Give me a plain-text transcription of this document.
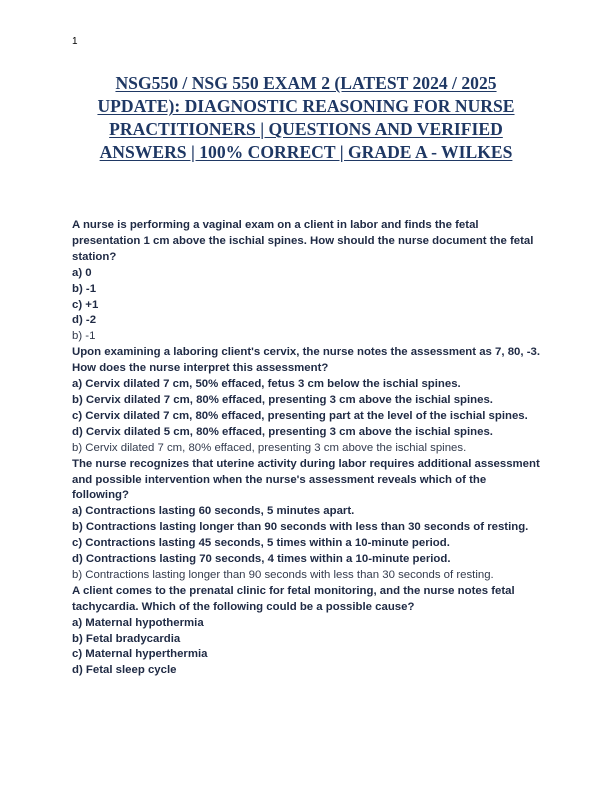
1
NSG550 / NSG 550 EXAM 2 (LATEST 2024 / 2025 UPDATE): DIAGNOSTIC REASONING FOR NURSE PRACTITIONERS | QUESTIONS AND VERIFIED ANSWERS | 100% CORRECT | GRADE A - WILKES

A nurse is performing a vaginal exam on a client in labor and finds the fetal presentation 1 cm above the ischial spines. How should the nurse document the fetal station?

a) 0

b) -1

c) +1

d) -2

b) -1

Upon examining a laboring client's cervix, the nurse notes the assessment as 7, 80, -3. How does the nurse interpret this assessment?

a) Cervix dilated 7 cm, 50% effaced, fetus 3 cm below the ischial spines.

b) Cervix dilated 7 cm, 80% effaced, presenting 3 cm above the ischial spines.

c) Cervix dilated 7 cm, 80% effaced, presenting part at the level of the ischial spines.

d) Cervix dilated 5 cm, 80% effaced, presenting 3 cm above the ischial spines.

b) Cervix dilated 7 cm, 80% effaced, presenting 3 cm above the ischial spines.

The nurse recognizes that uterine activity during labor requires additional assessment and possible intervention when the nurse's assessment reveals which of the following?

a) Contractions lasting 60 seconds, 5 minutes apart.

b) Contractions lasting longer than 90 seconds with less than 30 seconds of resting.

c) Contractions lasting 45 seconds, 5 times within a 10-minute period.

d) Contractions lasting 70 seconds, 4 times within a 10-minute period.

b) Contractions lasting longer than 90 seconds with less than 30 seconds of resting.

A client comes to the prenatal clinic for fetal monitoring, and the nurse notes fetal tachycardia. Which of the following could be a possible cause?

a) Maternal hypothermia

b) Fetal bradycardia

c) Maternal hyperthermia

d) Fetal sleep cycle
